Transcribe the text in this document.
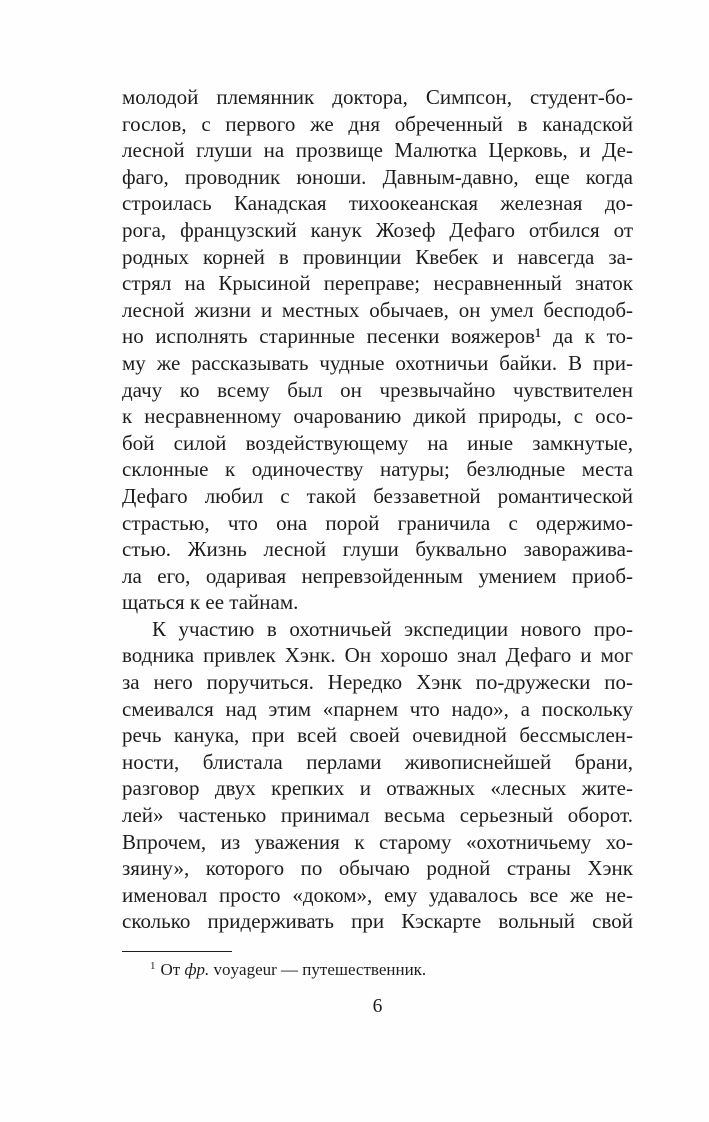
молодой племянник доктора, Симпсон, студент-бо-
гослов, с первого же дня обреченный в канадской
лесной глуши на прозвище Малютка Церковь, и Де-
фаго, проводник юноши. Давным-давно, еще когда
строилась Канадская тихоокеанская железная до-
рога, французский канук Жозеф Дефаго отбился от
родных корней в провинции Квебек и навсегда за-
стрял на Крысиной переправе; несравненный знаток
лесной жизни и местных обычаев, он умел бесподоб-
но исполнять старинные песенки вояжеров¹ да к то-
му же рассказывать чудные охотничьи байки. В при-
дачу ко всему был он чрезвычайно чувствителен
к несравненному очарованию дикой природы, с осо-
бой силой воздействующему на иные замкнутые,
склонные к одиночеству натуры; безлюдные места
Дефаго любил с такой беззаветной романтической
страстью, что она порой граничила с одержимо-
стью. Жизнь лесной глуши буквально заворажива-
ла его, одаривая непревзойденным умением приоб-
щаться к ее тайнам.
К участию в охотничьей экспедиции нового про-
водника привлек Хэнк. Он хорошо знал Дефаго и мог
за него поручиться. Нередко Хэнк по-дружески по-
смеивался над этим «парнем что надо», а поскольку
речь канука, при всей своей очевидной бессмыслен-
ности, блистала перлами живописнейшей брани,
разговор двух крепких и отважных «лесных жите-
лей» частенько принимал весьма серьезный оборот.
Впрочем, из уважения к старому «охотничьему хо-
зяину», которого по обычаю родной страны Хэнк
именовал просто «доком», ему удавалось все же не-
сколько придерживать при Кэскарте вольный свой
$^1$ От фр. voyageur — путешественник.
6
